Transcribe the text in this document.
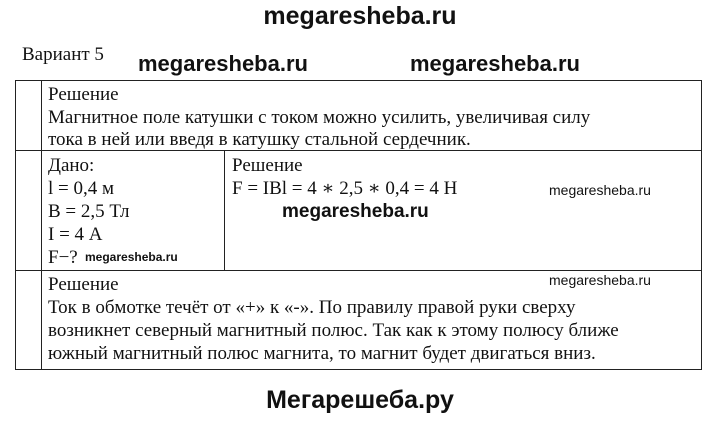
megaresheba.ru
Вариант 5 megaresheba.ru	megaresheba.ru
Решение
Магнитное поле катушки с током можно усилить, увеличивая силу
тока в ней или введя в катушку стальной сердечник.
Дано:
l = 0,4 м
B = 2,5 Тл
I = 4 А
F−?
Решение
F = IBl = 4 ∗ 2,5 ∗ 0,4 = 4 Н	megaresheba.ru
megaresheba.ru
megaresheba.ru
Решение	megaresheba.ru
Ток в обмотке течёт от «+» к «-». По правилу правой руки сверху
возникнет северный магнитный полюс. Так как к этому полюсу ближе
южный магнитный полюс магнита, то магнит будет двигаться вниз.
Мегарешеба.ру
